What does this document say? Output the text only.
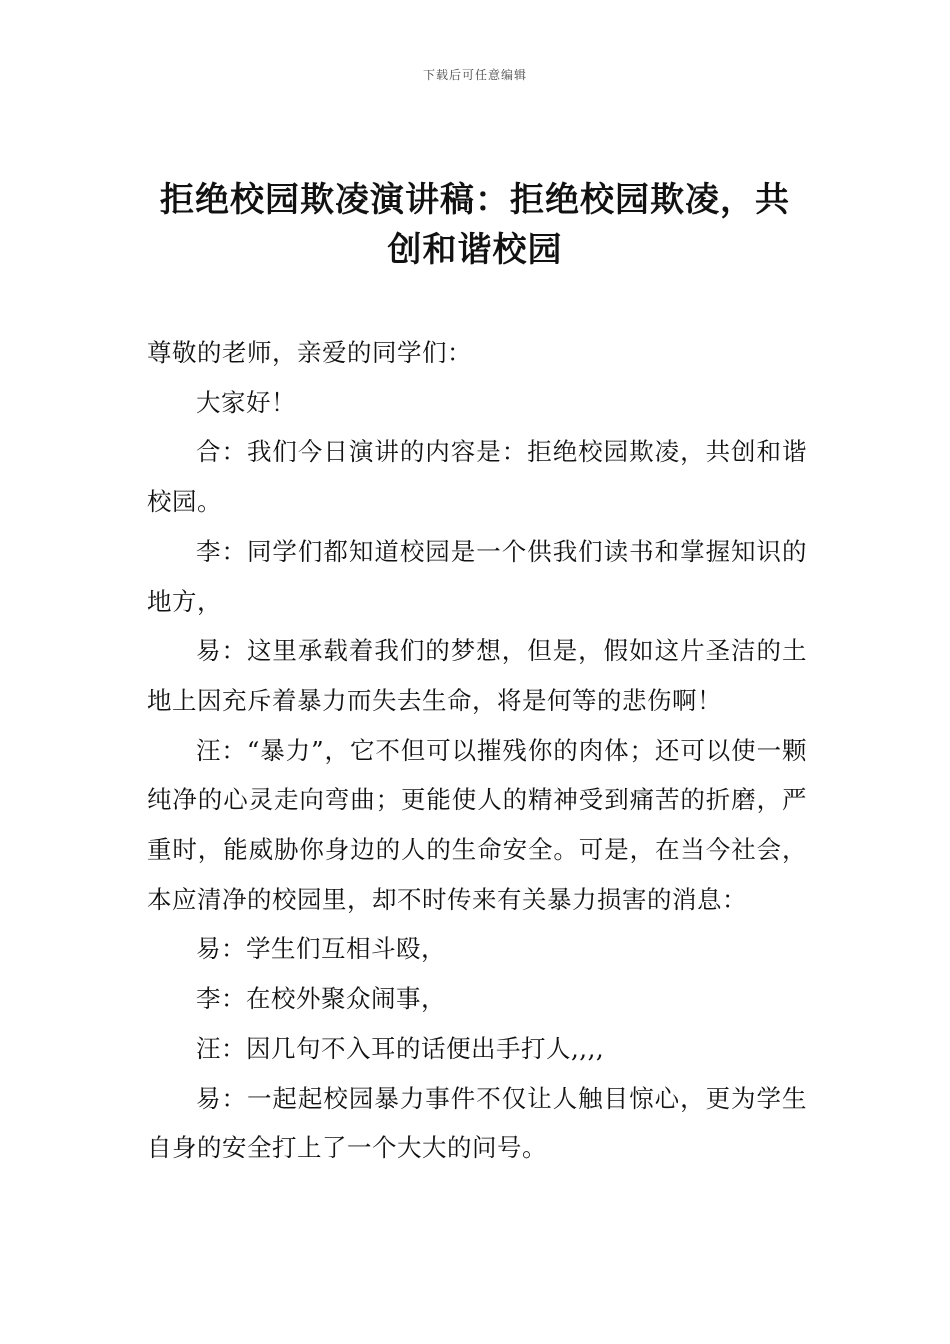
下载后可任意编辑
拒绝校园欺凌演讲稿：拒绝校园欺凌，共创和谐校园

尊敬的老师，亲爱的同学们：

大家好！

合：我们今日演讲的内容是：拒绝校园欺凌，共创和谐校园。

李：同学们都知道校园是一个供我们读书和掌握知识的地方，

易：这里承载着我们的梦想，但是，假如这片圣洁的土地上因充斥着暴力而失去生命，将是何等的悲伤啊！

汪：“暴力”，它不但可以摧残你的肉体；还可以使一颗纯净的心灵走向弯曲；更能使人的精神受到痛苦的折磨，严重时，能威胁你身边的人的生命安全。可是，在当今社会，本应清净的校园里，却不时传来有关暴力损害的消息：

易：学生们互相斗殴，

李：在校外聚众闹事，

汪：因几句不入耳的话便出手打人,,,,

易：一起起校园暴力事件不仅让人触目惊心，更为学生自身的安全打上了一个大大的问号。
